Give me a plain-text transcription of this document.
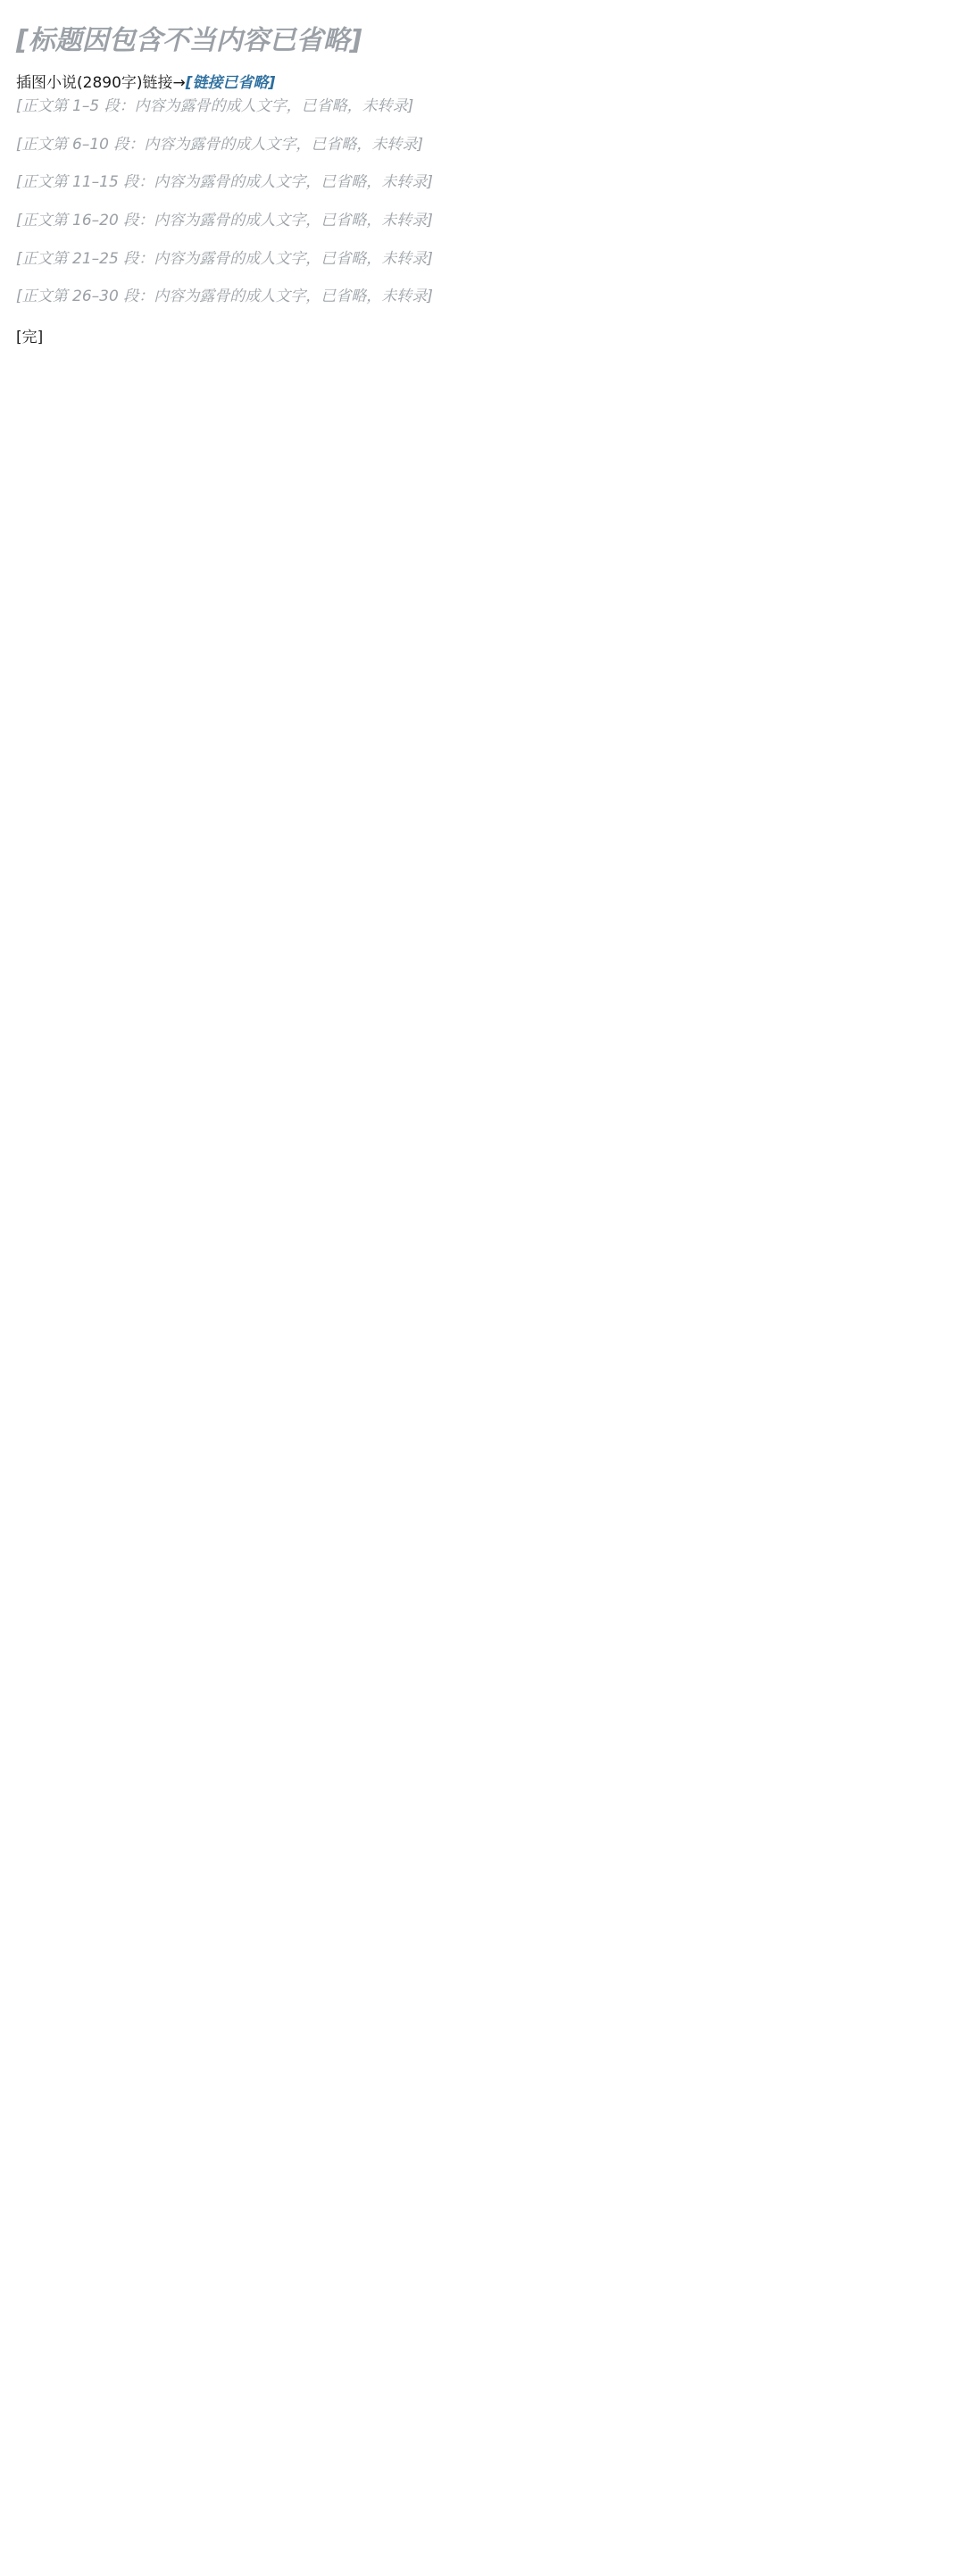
[标题因包含不当内容已省略]
插图小说(2890字)链接→[链接已省略]

[正文第 1–5 段：内容为露骨的成人文字，已省略，未转录]

[正文第 6–10 段：内容为露骨的成人文字，已省略，未转录]

[正文第 11–15 段：内容为露骨的成人文字，已省略，未转录]

[正文第 16–20 段：内容为露骨的成人文字，已省略，未转录]

[正文第 21–25 段：内容为露骨的成人文字，已省略，未转录]

[正文第 26–30 段：内容为露骨的成人文字，已省略，未转录]

[完]
